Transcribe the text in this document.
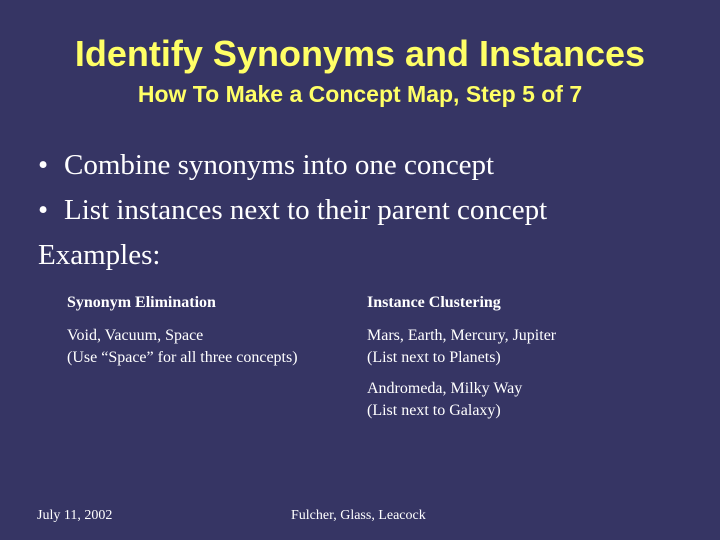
Identify Synonyms and Instances
How To Make a Concept Map, Step 5 of 7
• Combine synonyms into one concept
• List instances next to their parent concept
Examples:
Synonym Elimination
Void, Vacuum, Space
(Use “Space” for all three concepts)
Instance Clustering
Mars, Earth, Mercury, Jupiter
(List next to Planets)
Andromeda, Milky Way
(List next to Galaxy)
July 11, 2002	Fulcher, Glass, Leacock
